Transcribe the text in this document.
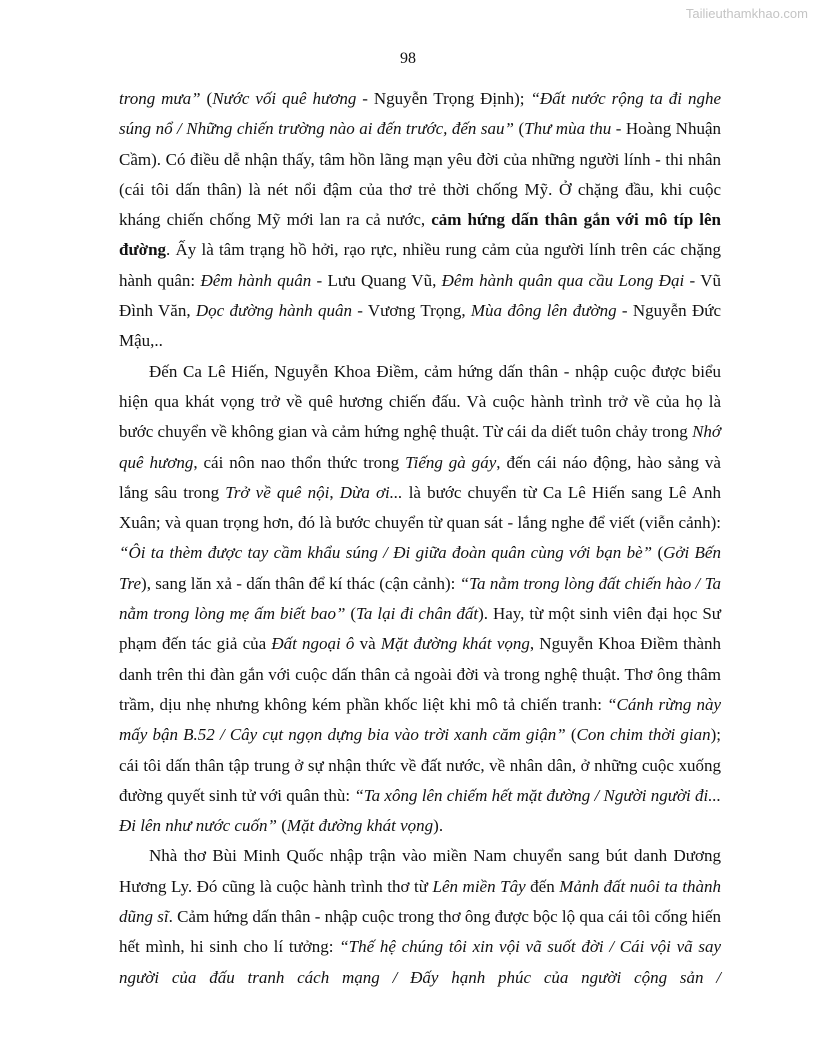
Tailieuthamkhao.com
98

trong mưa” (Nước vối quê hương - Nguyễn Trọng Định); “Đất nước rộng ta đi nghe súng nổ / Những chiến trường nào ai đến trước, đến sau” (Thư mùa thu - Hoàng Nhuận Cầm). Có điều dễ nhận thấy, tâm hồn lãng mạn yêu đời của những người lính - thi nhân (cái tôi dấn thân) là nét nổi đậm của thơ trẻ thời chống Mỹ. Ở chặng đầu, khi cuộc kháng chiến chống Mỹ mới lan ra cả nước, cảm hứng dấn thân gắn với mô típ lên đường. Ấy là tâm trạng hồ hởi, rạo rực, nhiều rung cảm của người lính trên các chặng hành quân: Đêm hành quân - Lưu Quang Vũ, Đêm hành quân qua cầu Long Đại - Vũ Đình Văn, Dọc đường hành quân - Vương Trọng, Mùa đông lên đường - Nguyễn Đức Mậu,..

Đến Ca Lê Hiến, Nguyễn Khoa Điềm, cảm hứng dấn thân - nhập cuộc được biểu hiện qua khát vọng trở về quê hương chiến đấu. Và cuộc hành trình trở về của họ là bước chuyển về không gian và cảm hứng nghệ thuật. Từ cái da diết tuôn chảy trong Nhớ quê hương, cái nôn nao thổn thức trong Tiếng gà gáy, đến cái náo động, hào sảng và lắng sâu trong Trở về quê nội, Dừa ơi... là bước chuyển từ Ca Lê Hiến sang Lê Anh Xuân; và quan trọng hơn, đó là bước chuyển từ quan sát - lắng nghe để viết (viễn cảnh): “Ôi ta thèm được tay cầm khẩu súng / Đi giữa đoàn quân cùng với bạn bè” (Gởi Bến Tre), sang lăn xả - dấn thân để kí thác (cận cảnh): “Ta nằm trong lòng đất chiến hào / Ta nằm trong lòng mẹ ấm biết bao” (Ta lại đi chân đất). Hay, từ một sinh viên đại học Sư phạm đến tác giả của Đất ngoại ô và Mặt đường khát vọng, Nguyễn Khoa Điềm thành danh trên thi đàn gắn với cuộc dấn thân cả ngoài đời và trong nghệ thuật. Thơ ông thâm trầm, dịu nhẹ nhưng không kém phần khốc liệt khi mô tả chiến tranh: “Cánh rừng này mấy bận B.52 / Cây cụt ngọn dựng bia vào trời xanh căm giận” (Con chim thời gian); cái tôi dấn thân tập trung ở sự nhận thức về đất nước, về nhân dân, ở những cuộc xuống đường quyết sinh tử với quân thù: “Ta xông lên chiếm hết mặt đường / Người người đi... Đi lên như nước cuốn” (Mặt đường khát vọng).

Nhà thơ Bùi Minh Quốc nhập trận vào miền Nam chuyển sang bút danh Dương Hương Ly. Đó cũng là cuộc hành trình thơ từ Lên miền Tây đến Mảnh đất nuôi ta thành dũng sĩ. Cảm hứng dấn thân - nhập cuộc trong thơ ông được bộc lộ qua cái tôi cống hiến hết mình, hi sinh cho lí tưởng: “Thế hệ chúng tôi xin vội vã suốt đời / Cái vội vã say người của đấu tranh cách mạng / Đấy hạnh phúc của người cộng sản /
